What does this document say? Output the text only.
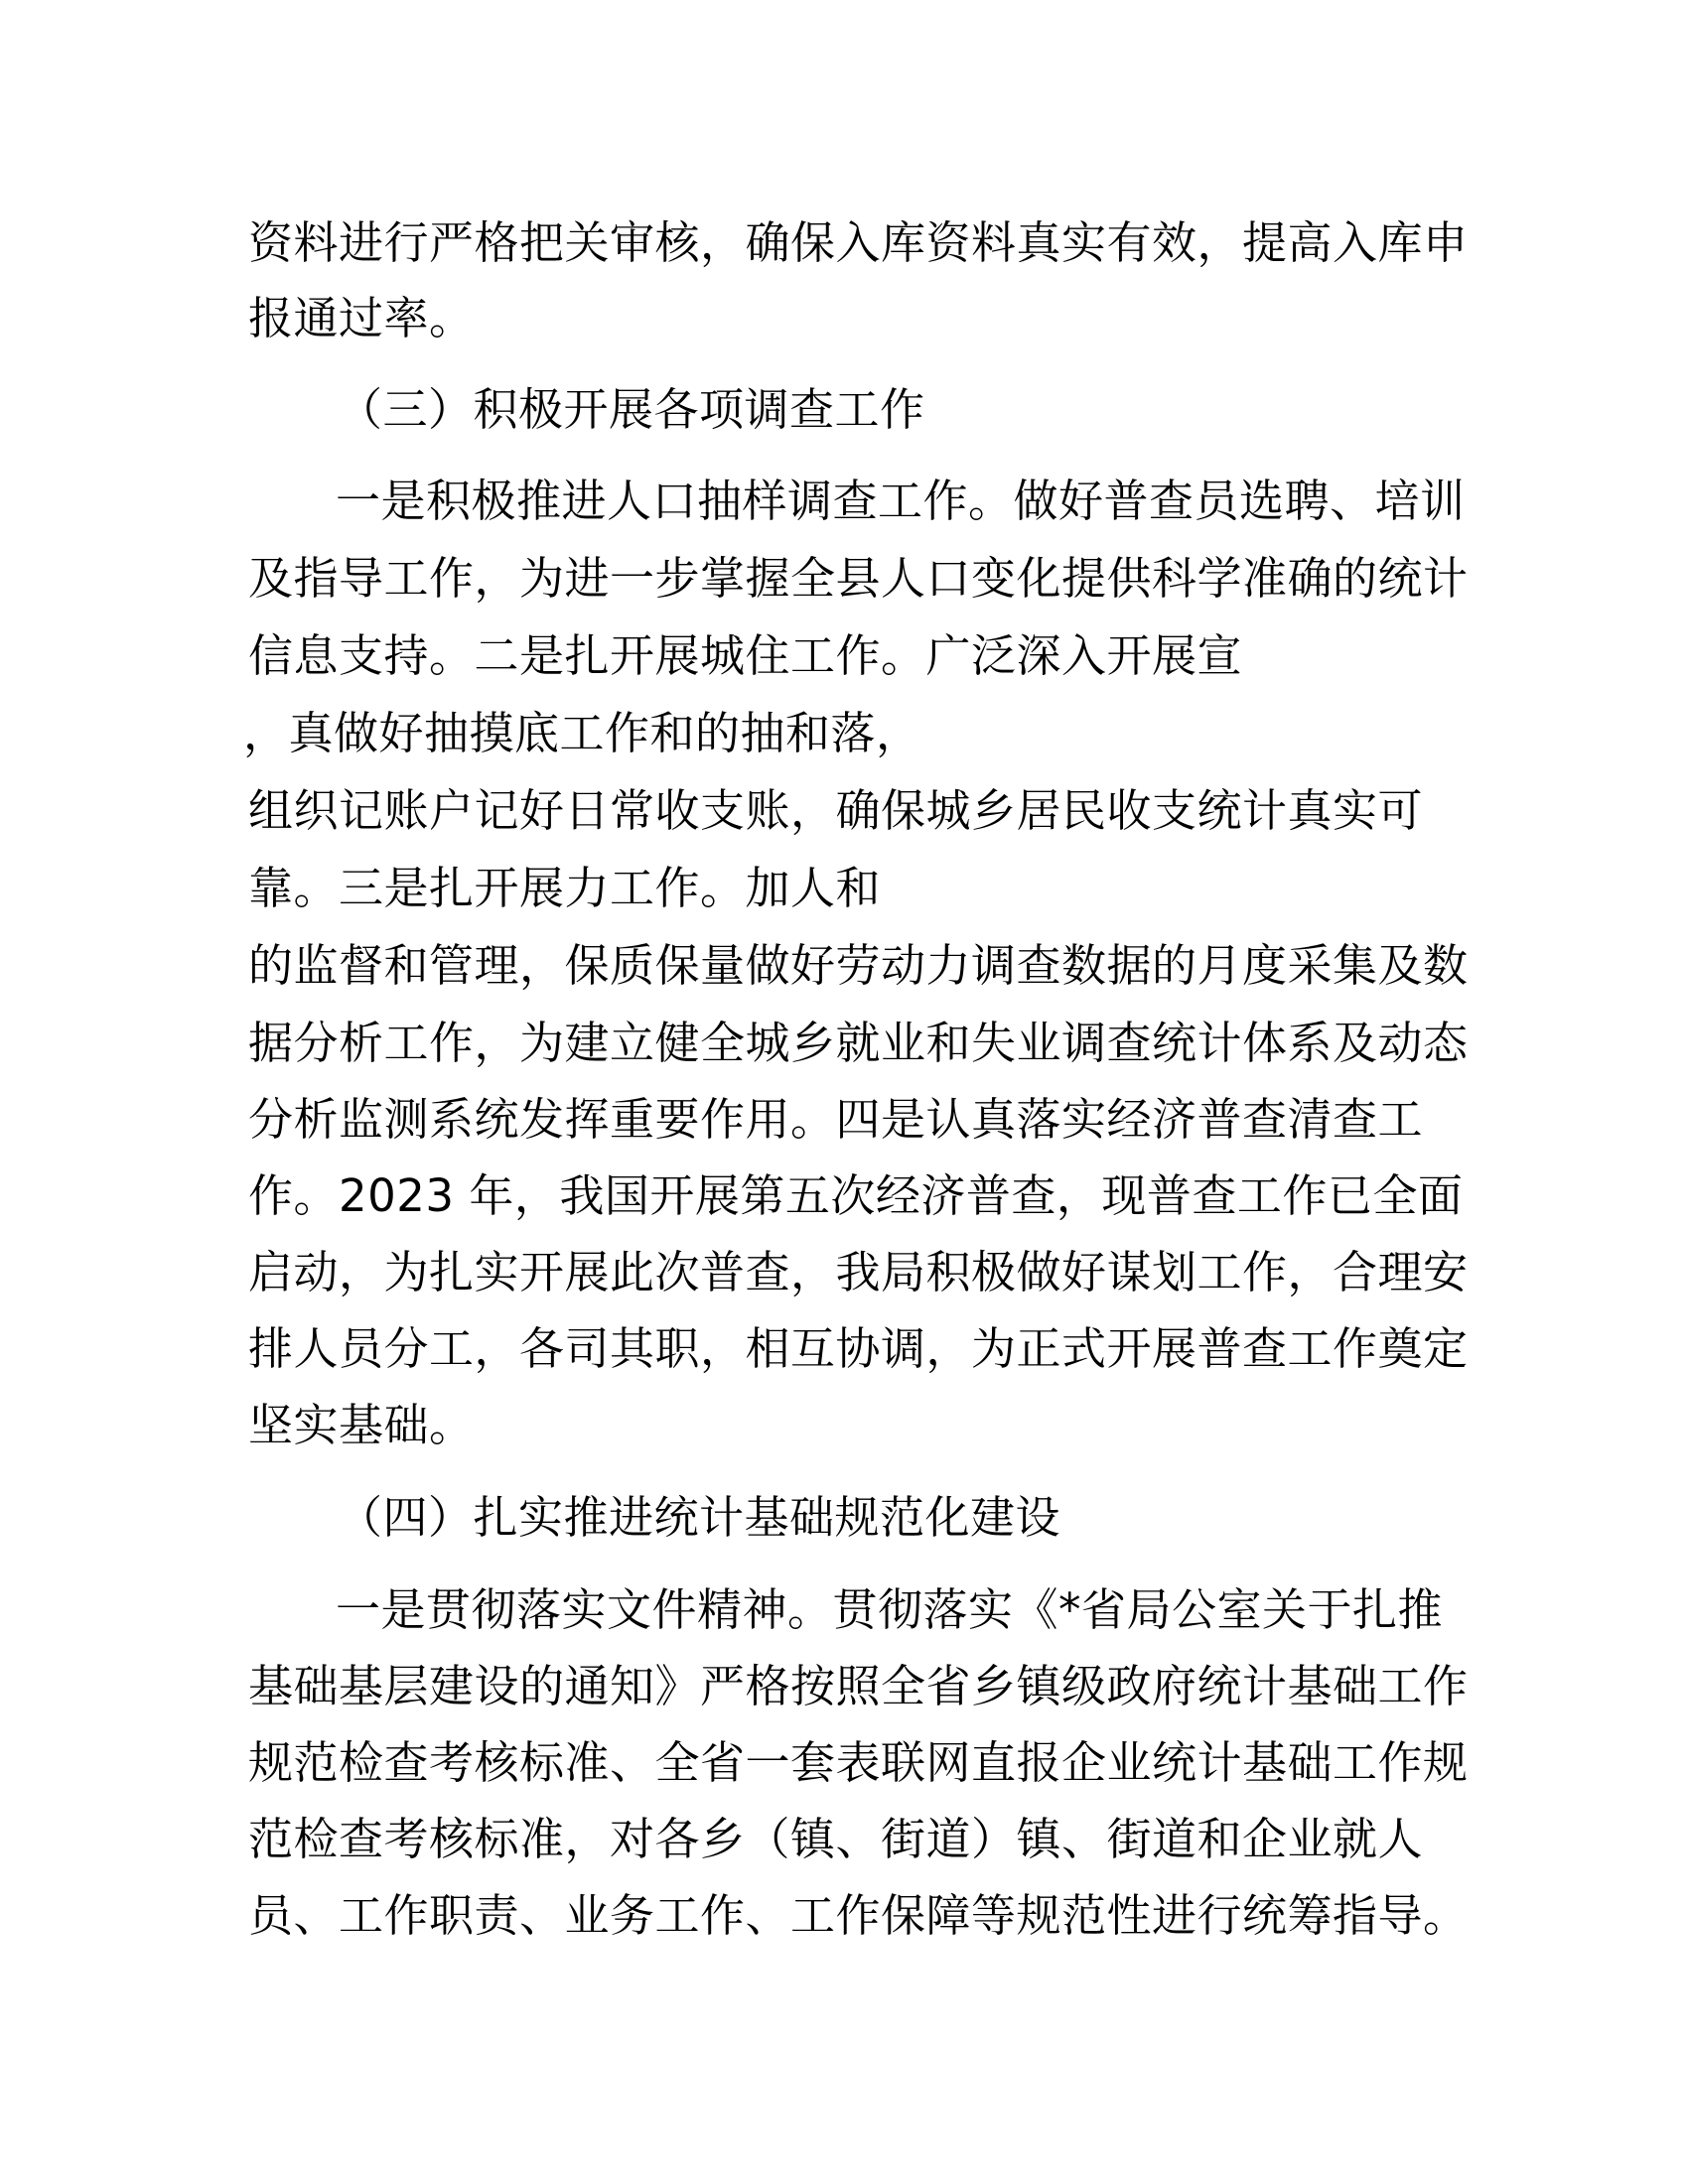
资料进行严格把关审核，确保入库资料真实有效，提高入库申
报通过率。
（三）积极开展各项调查工作
一是积极推进人口抽样调查工作。做好普查员选聘、培训
及指导工作，为进一步掌握全县人口变化提供科学准确的统计
信息支持。二是扎开展城住工作。广泛深入开展宣
，真做好抽摸底工作和的抽和落，
组织记账户记好日常收支账，确保城乡居民收支统计真实可
靠。三是扎开展力工作。加人和
的监督和管理，保质保量做好劳动力调查数据的月度采集及数
据分析工作，为建立健全城乡就业和失业调查统计体系及动态
分析监测系统发挥重要作用。四是认真落实经济普查清查工
作。2023 年，我国开展第五次经济普查，现普查工作已全面
启动，为扎实开展此次普查，我局积极做好谋划工作，合理安
排人员分工，各司其职，相互协调，为正式开展普查工作奠定
坚实基础。
（四）扎实推进统计基础规范化建设
一是贯彻落实文件精神。贯彻落实《*省局公室关于扎推
基础基层建设的通知》严格按照全省乡镇级政府统计基础工作
规范检查考核标准、全省一套表联网直报企业统计基础工作规
范检查考核标准，对各乡（镇、街道）镇、街道和企业就人
员、工作职责、业务工作、工作保障等规范性进行统筹指导。
